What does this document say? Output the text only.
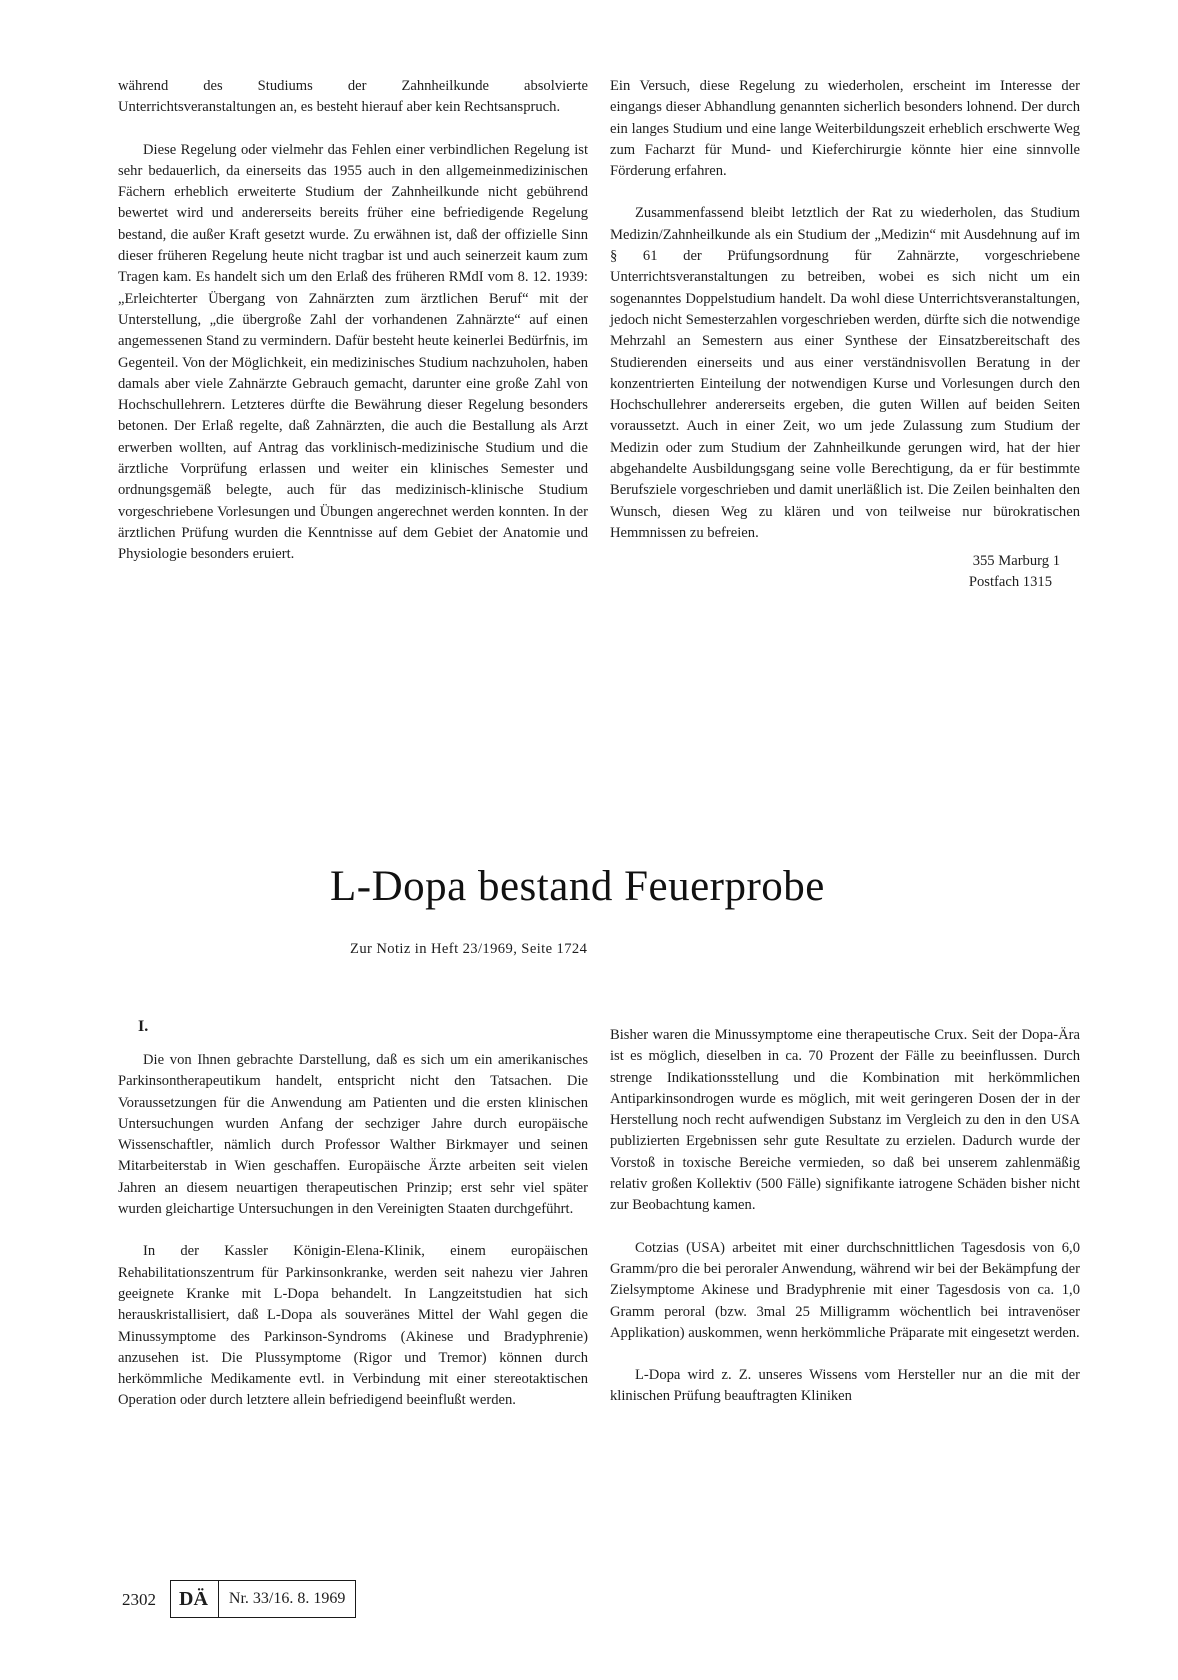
während des Studiums der Zahnheilkunde absolvierte Unterrichtsveranstaltungen an, es besteht hierauf aber kein Rechtsanspruch.

Diese Regelung oder vielmehr das Fehlen einer verbindlichen Regelung ist sehr bedauerlich, da einerseits das 1955 auch in den allgemeinmedizinischen Fächern erheblich erweiterte Studium der Zahnheilkunde nicht gebührend bewertet wird und andererseits bereits früher eine befriedigende Regelung bestand, die außer Kraft gesetzt wurde. Zu erwähnen ist, daß der offizielle Sinn dieser früheren Regelung heute nicht tragbar ist und auch seinerzeit kaum zum Tragen kam. Es handelt sich um den Erlaß des früheren RMdI vom 8. 12. 1939: „Erleichterter Übergang von Zahnärzten zum ärztlichen Beruf“ mit der Unterstellung, „die übergroße Zahl der vorhandenen Zahnärzte“ auf einen angemessenen Stand zu vermindern. Dafür besteht heute keinerlei Bedürfnis, im Gegenteil. Von der Möglichkeit, ein medizinisches Studium nachzuholen, haben damals aber viele Zahnärzte Gebrauch gemacht, darunter eine große Zahl von Hochschullehrern. Letzteres dürfte die Bewährung dieser Regelung besonders betonen. Der Erlaß regelte, daß Zahnärzten, die auch die Bestallung als Arzt erwerben wollten, auf Antrag das vorklinisch-medizinische Studium und die ärztliche Vorprüfung erlassen und weiter ein klinisches Semester und ordnungsgemäß belegte, auch für das medizinisch-klinische Studium vorgeschriebene Vorlesungen und Übungen angerechnet werden konnten. In der ärztlichen Prüfung wurden die Kenntnisse auf dem Gebiet der Anatomie und Physiologie besonders eruiert.

Ein Versuch, diese Regelung zu wiederholen, erscheint im Interesse der eingangs dieser Abhandlung genannten sicherlich besonders lohnend. Der durch ein langes Studium und eine lange Weiterbildungszeit erheblich erschwerte Weg zum Facharzt für Mund- und Kieferchirurgie könnte hier eine sinnvolle Förderung erfahren.

Zusammenfassend bleibt letztlich der Rat zu wiederholen, das Studium Medizin/Zahnheilkunde als ein Studium der „Medizin“ mit Ausdehnung auf im § 61 der Prüfungsordnung für Zahnärzte, vorgeschriebene Unterrichtsveranstaltungen zu betreiben, wobei es sich nicht um ein sogenanntes Doppelstudium handelt. Da wohl diese Unterrichtsveranstaltungen, jedoch nicht Semesterzahlen vorgeschrieben werden, dürfte sich die notwendige Mehrzahl an Semestern aus einer Synthese der Einsatzbereitschaft des Studierenden einerseits und aus einer verständnisvollen Beratung in der konzentrierten Einteilung der notwendigen Kurse und Vorlesungen durch den Hochschullehrer andererseits ergeben, die guten Willen auf beiden Seiten voraussetzt. Auch in einer Zeit, wo um jede Zulassung zum Studium der Medizin oder zum Studium der Zahnheilkunde gerungen wird, hat der hier abgehandelte Ausbildungsgang seine volle Berechtigung, da er für bestimmte Berufsziele vorgeschrieben und damit unerläßlich ist. Die Zeilen beinhalten den Wunsch, diesen Weg zu klären und von teilweise nur bürokratischen Hemmnissen zu befreien.

355 Marburg 1
Postfach 1315
L-Dopa bestand Feuerprobe
Zur Notiz in Heft 23/1969, Seite 1724
I.

Die von Ihnen gebrachte Darstellung, daß es sich um ein amerikanisches Parkinsontherapeutikum handelt, entspricht nicht den Tatsachen. Die Voraussetzungen für die Anwendung am Patienten und die ersten klinischen Untersuchungen wurden Anfang der sechziger Jahre durch europäische Wissenschaftler, nämlich durch Professor Walther Birkmayer und seinen Mitarbeiterstab in Wien geschaffen. Europäische Ärzte arbeiten seit vielen Jahren an diesem neuartigen therapeutischen Prinzip; erst sehr viel später wurden gleichartige Untersuchungen in den Vereinigten Staaten durchgeführt.

In der Kassler Königin-Elena-Klinik, einem europäischen Rehabilitationszentrum für Parkinsonkranke, werden seit nahezu vier Jahren geeignete Kranke mit L-Dopa behandelt. In Langzeitstudien hat sich herauskristallisiert, daß L-Dopa als souveränes Mittel der Wahl gegen die Minussymptome des Parkinson-Syndroms (Akinese und Bradyphrenie) anzusehen ist. Die Plussymptome (Rigor und Tremor) können durch herkömmliche Medikamente evtl. in Verbindung mit einer stereotaktischen Operation oder durch letztere allein befriedigend beeinflußt werden.

Bisher waren die Minussymptome eine therapeutische Crux. Seit der Dopa-Ära ist es möglich, dieselben in ca. 70 Prozent der Fälle zu beeinflussen. Durch strenge Indikationsstellung und die Kombination mit herkömmlichen Antiparkinsondrogen wurde es möglich, mit weit geringeren Dosen der in der Herstellung noch recht aufwendigen Substanz im Vergleich zu den in den USA publizierten Ergebnissen sehr gute Resultate zu erzielen. Dadurch wurde der Vorstoß in toxische Bereiche vermieden, so daß bei unserem zahlenmäßig relativ großen Kollektiv (500 Fälle) signifikante iatrogene Schäden bisher nicht zur Beobachtung kamen.

Cotzias (USA) arbeitet mit einer durchschnittlichen Tagesdosis von 6,0 Gramm/pro die bei peroraler Anwendung, während wir bei der Bekämpfung der Zielsymptome Akinese und Bradyphrenie mit einer Tagesdosis von ca. 1,0 Gramm peroral (bzw. 3mal 25 Milligramm wöchentlich bei intravenöser Applikation) auskommen, wenn herkömmliche Präparate mit eingesetzt werden.

L-Dopa wird z. Z. unseres Wissens vom Hersteller nur an die mit der klinischen Prüfung beauftragten Kliniken

2302	DÄ	Nr. 33/16. 8. 1969
